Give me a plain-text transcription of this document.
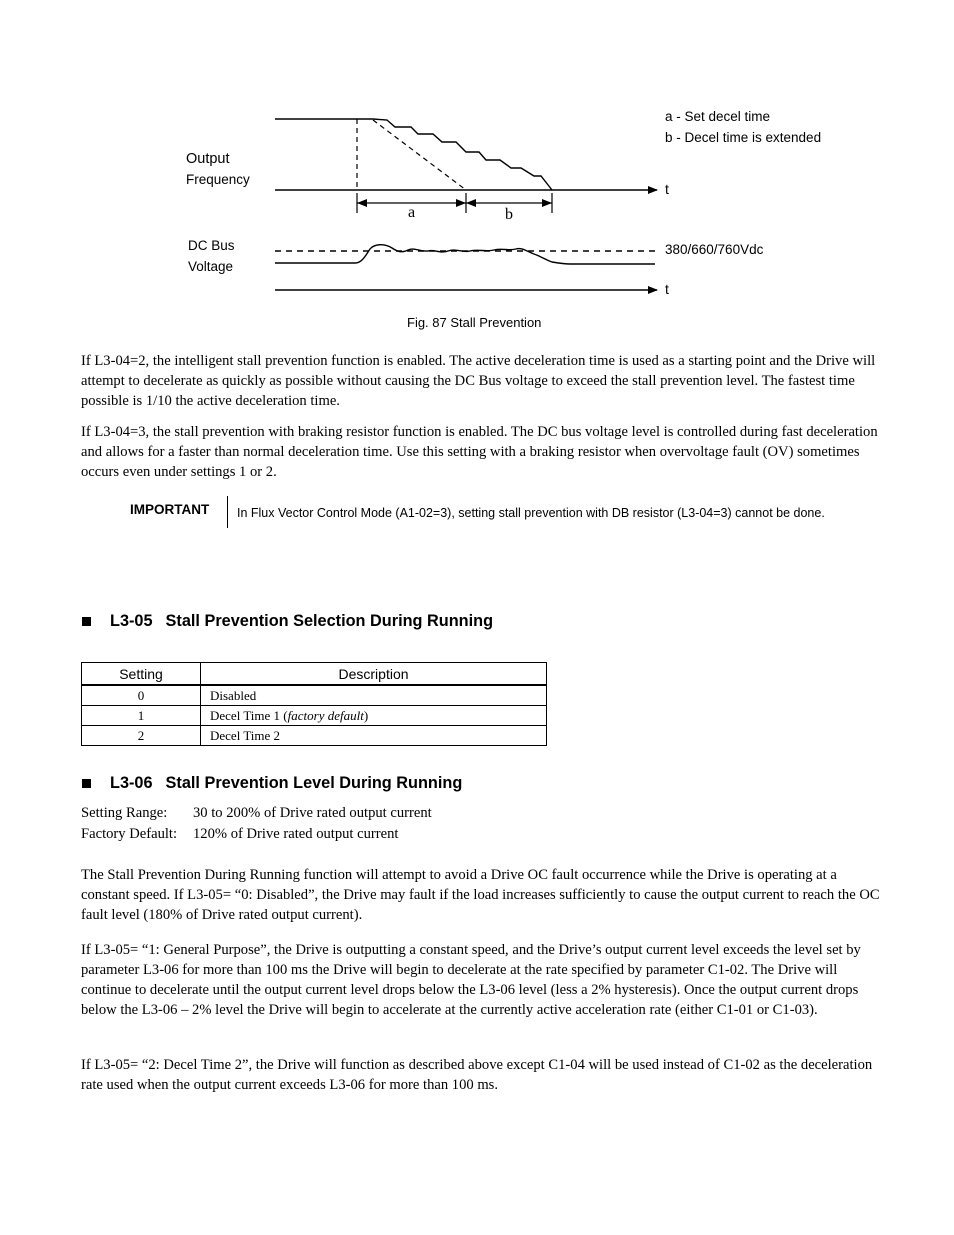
t
a	b
Output
Frequency
DC Bus
Voltage
a - Set decel time
b - Decel time is extended
380/660/760Vdc
t
Fig. 87 Stall Prevention

If L3-04=2, the intelligent stall prevention function is enabled. The active deceleration time is used as a starting point and the Drive will attempt to decelerate as quickly as possible without causing the DC Bus voltage to exceed the stall prevention level. The fastest time possible is 1/10 the active deceleration time.

If L3-04=3, the stall prevention with braking resistor function is enabled. The DC bus voltage level is controlled during fast deceleration and allows for a faster than normal deceleration time. Use this setting with a braking resistor when overvoltage fault (OV) sometimes occurs even under settings 1 or 2.

IMPORTANT In Flux Vector Control Mode (A1-02=3), setting stall prevention with DB resistor (L3-04=3) cannot be done.
L3-05 Stall Prevention Selection During Running
Setting	Description
0	Disabled
1	Decel Time 1 (factory default)
2	Decel Time 2
L3-06 Stall Prevention Level During Running
Setting Range: 30 to 200% of Drive rated output current
Factory Default: 120% of Drive rated output current

The Stall Prevention During Running function will attempt to avoid a Drive OC fault occurrence while the Drive is operating at a constant speed. If L3-05= “0: Disabled”, the Drive may fault if the load increases sufficiently to cause the output current to reach the OC fault level (180% of Drive rated output current).

If L3-05= “1: General Purpose”, the Drive is outputting a constant speed, and the Drive’s output current level exceeds the level set by parameter L3-06 for more than 100 ms the Drive will begin to decelerate at the rate specified by parameter C1-02. The Drive will continue to decelerate until the output current level drops below the L3-06 level (less a 2% hysteresis). Once the output current drops below the L3-06 – 2% level the Drive will begin to accelerate at the currently active acceleration rate (either C1-01 or C1-03).

If L3-05= “2: Decel Time 2”, the Drive will function as described above except C1-04 will be used instead of C1-02 as the deceleration rate used when the output current exceeds L3-06 for more than 100 ms.
